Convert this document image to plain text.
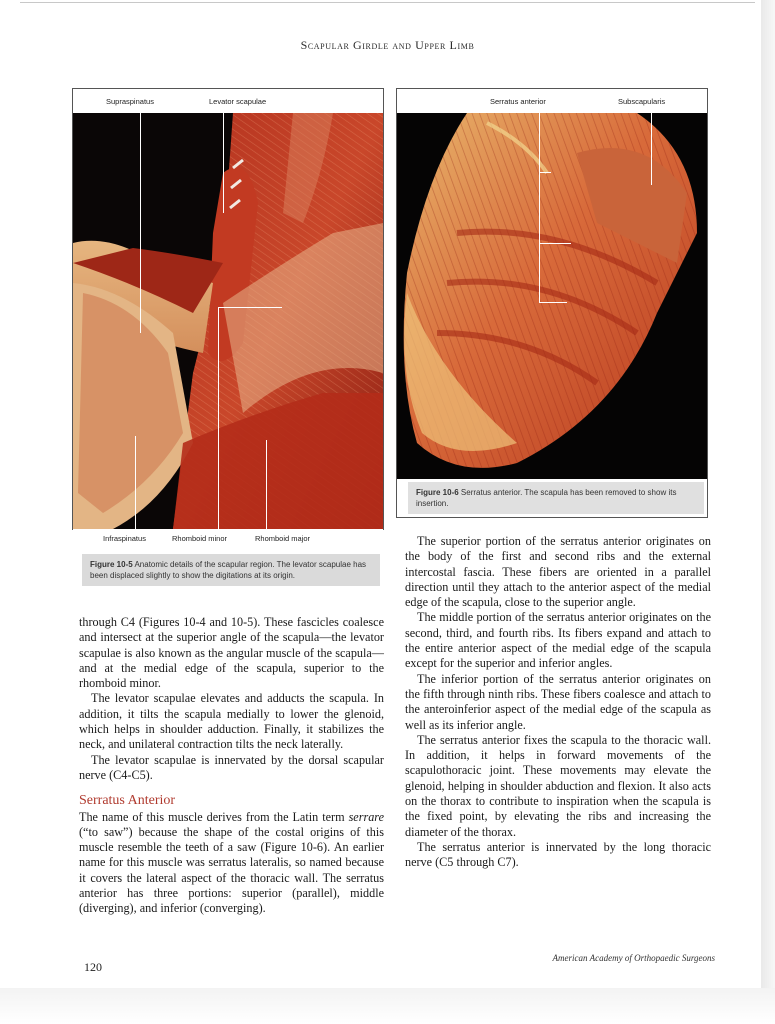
Scapular Girdle and Upper Limb
Supraspinatus	Levator scapulae
Infraspinatus	Rhomboid minor	Rhomboid major
Figure 10-5 Anatomic details of the scapular region. The levator scapulae has been displaced slightly to show the digitations at its origin.
Serratus anterior	Subscapularis
Figure 10-6 Serratus anterior. The scapula has been removed to show its insertion.

through C4 (Figures 10-4 and 10-5). These fascicles coalesce and intersect at the superior angle of the scapula—the levator scapulae is also known as the angular muscle of the scapula—and at the medial edge of the scapula, superior to the rhomboid minor.

The levator scapulae elevates and adducts the scapula. In addition, it tilts the scapula medially to lower the glenoid, which helps in shoulder adduction. Finally, it stabilizes the neck, and unilateral contraction tilts the neck laterally.

The levator scapulae is innervated by the dorsal scapular nerve (C4-C5).

Serratus Anterior

The name of this muscle derives from the Latin term serrare (“to saw”) because the shape of the costal origins of this muscle resemble the teeth of a saw (Figure 10-6). An earlier name for this muscle was serratus lateralis, so named because it covers the lateral aspect of the thoracic wall. The serratus anterior has three portions: superior (parallel), middle (diverging), and inferior (converging).

The superior portion of the serratus anterior originates on the body of the first and second ribs and the external intercostal fascia. These fibers are oriented in a parallel direction until they attach to the anterior aspect of the medial edge of the scapula, close to the superior angle.

The middle portion of the serratus anterior originates on the second, third, and fourth ribs. Its fibers expand and attach to the entire anterior aspect of the medial edge of the scapula except for the superior and inferior angles.

The inferior portion of the serratus anterior originates on the fifth through ninth ribs. These fibers coalesce and attach to the anteroinferior aspect of the medial edge of the scapula as well as its inferior angle.

The serratus anterior fixes the scapula to the thoracic wall. In addition, it helps in forward movements of the scapulothoracic joint. These movements may elevate the glenoid, helping in shoulder abduction and flexion. It also acts on the thorax to contribute to inspiration when the scapula is the fixed point, by elevating the ribs and increasing the diameter of the thorax.

The serratus anterior is innervated by the long thoracic nerve (C5 through C7).

120
American Academy of Orthopaedic Surgeons
